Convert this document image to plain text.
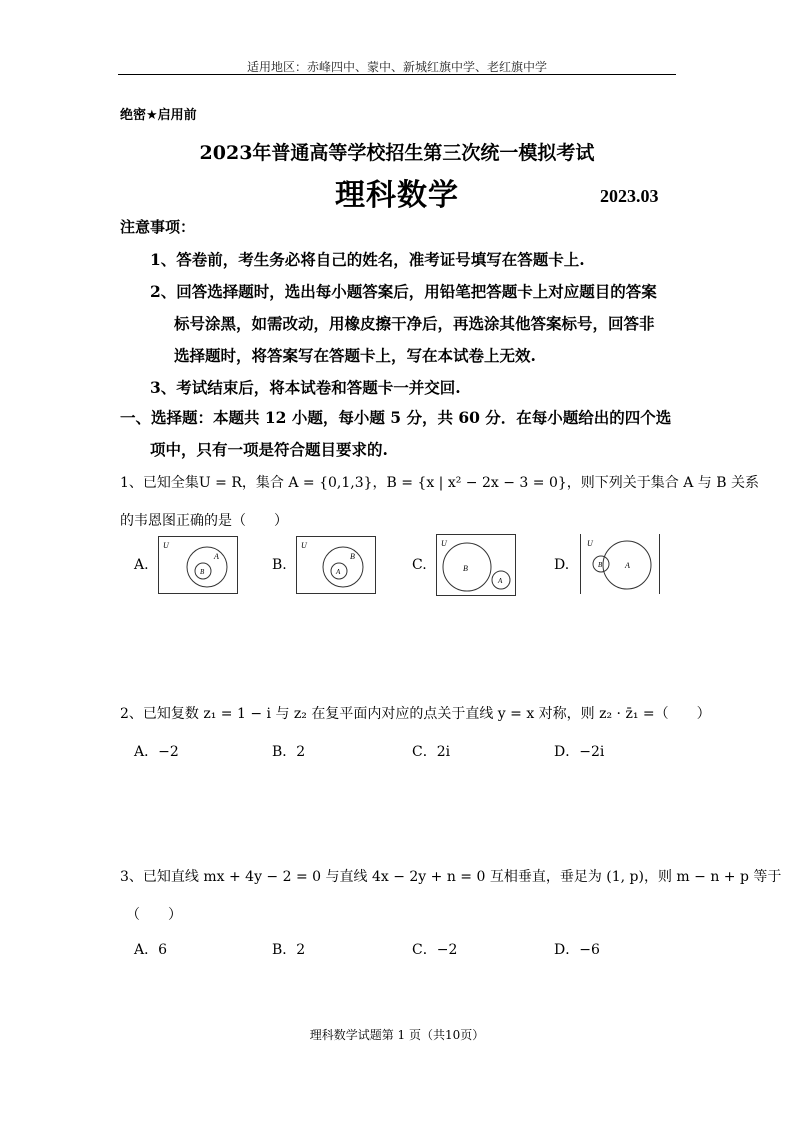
适用地区：赤峰四中、蒙中、新城红旗中学、老红旗中学
绝密★启用前
2023年普通高等学校招生第三次统一模拟考试
理科数学	2023.03
注意事项：
1、答卷前，考生务必将自己的姓名，准考证号填写在答题卡上.
2、回答选择题时，选出每小题答案后，用铅笔把答题卡上对应题目的答案
标号涂黑，如需改动，用橡皮擦干净后，再选涂其他答案标号，回答非
选择题时，将答案写在答题卡上，写在本试卷上无效.
3、考试结束后，将本试卷和答题卡一并交回.
一、选择题：本题共 12 小题，每小题 5 分，共 60 分．在每小题给出的四个选
项中，只有一项是符合题目要求的.
1、已知全集U = R，集合 A = {0,1,3}，B = {x | x² − 2x − 3 = 0}，则下列关于集合 A 与 B 关系
的韦恩图正确的是（　　）
A.
U
A
B	B.
U
B
A	C.
U
B
A
D.
U
B	A
2、已知复数 z₁ = 1 − i 与 z₂ 在复平面内对应的点关于直线 y = x 对称，则 z₂ · z̄₁ =（　　）
A．−2	B．2	C．2i	D．−2i
3、已知直线 mx + 4y − 2 = 0 与直线 4x − 2y + n = 0 互相垂直，垂足为 (1, p)，则 m − n + p 等于
（　　）
A．6	B．2	C．−2	D．−6
理科数学试题第 1 页（共10页）
